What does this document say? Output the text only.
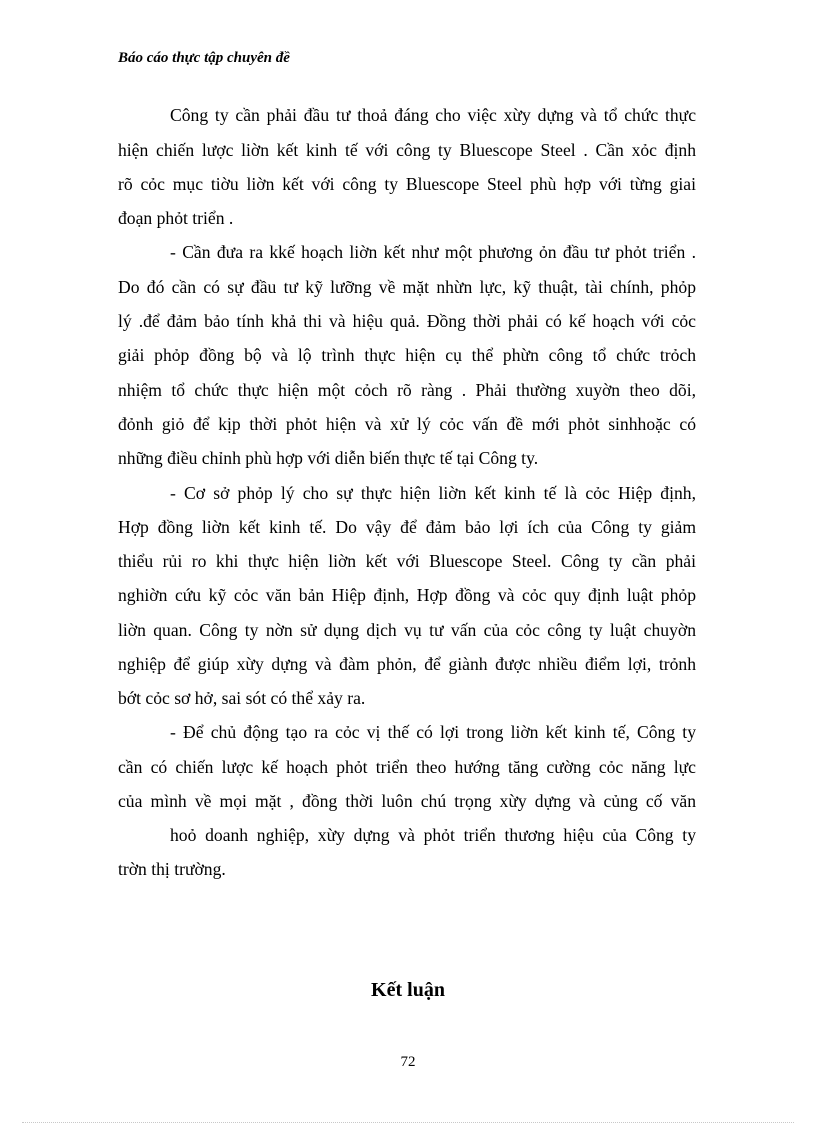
Báo cáo thực tập chuyên đề
Công ty cần phải đầu tư thoả đáng cho việc xừy dựng và tổ chức thực
hiện chiến lược liờn kết kinh tế với công ty Bluescope Steel . Cần xỏc định
rõ cỏc mục tiờu liờn kết với công ty Bluescope Steel phù hợp với từng giai
đoạn phỏt triển .
- Cần đưa ra kkế hoạch liờn kết như một phương ỏn đầu tư phỏt triển .
Do đó cần có sự đầu tư kỹ lưỡng về mặt nhừn lực, kỹ thuật, tài chính, phỏp
lý .để đảm bảo tính khả thi và hiệu quả. Đồng thời phải có kế hoạch với cỏc
giải phỏp đồng bộ và lộ trình thực hiện cụ thể phừn công tổ chức trỏch
nhiệm tổ chức thực hiện một cỏch rõ ràng . Phải thường xuyờn theo dõi,
đỏnh giỏ để kịp thời phỏt hiện và xử lý cỏc vấn đề mới phỏt sinhhoặc có
những điều chỉnh phù hợp với diễn biến thực tế tại Công ty.
- Cơ sở phỏp lý cho sự thực hiện liờn kết kinh tế là cỏc Hiệp định,
Hợp đồng liờn kết kinh tế. Do vậy để đảm bảo lợi ích của Công ty giảm
thiểu rủi ro khi thực hiện liờn kết với Bluescope Steel. Công ty cần phải
nghiờn cứu kỹ cỏc văn bản Hiệp định, Hợp đồng và cỏc quy định luật phỏp
liờn quan. Công ty nờn sử dụng dịch vụ tư vấn của cỏc công ty luật chuyờn
nghiệp để giúp xừy dựng và đàm phỏn, để giành được nhiều điểm lợi, trỏnh
bớt cỏc sơ hở, sai sót có thể xảy ra.
- Để chủ động tạo ra cỏc vị thế có lợi trong liờn kết kinh tế, Công ty
cần có chiến lược kế hoạch phỏt triển theo hướng tăng cường cỏc năng lực
của mình về mọi mặt , đồng thời luôn chú trọng xừy dựng và củng cố văn
hoỏ doanh nghiệp, xừy dựng và phỏt triển thương hiệu của Công ty
trờn thị trường.
Kết luận
72
